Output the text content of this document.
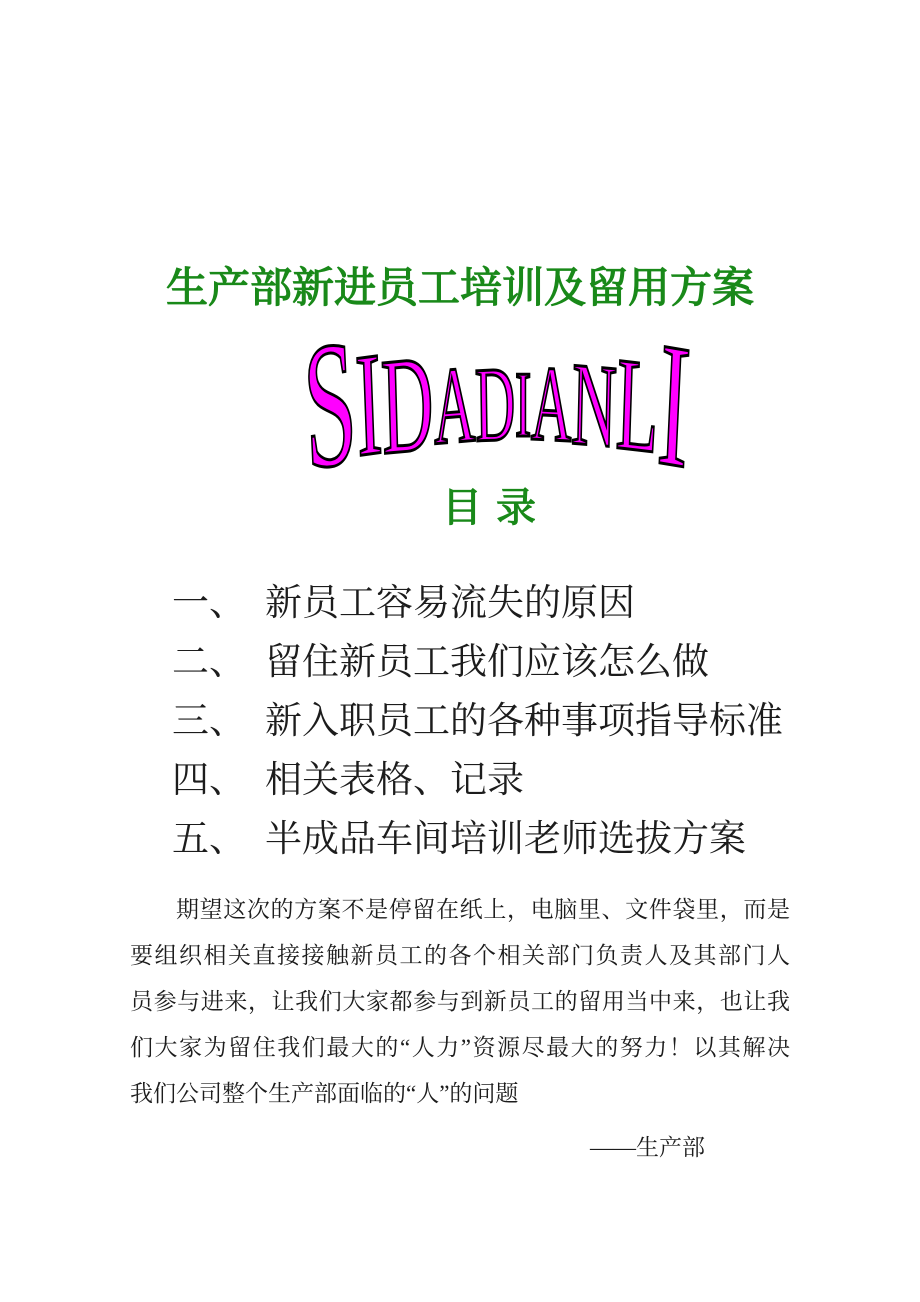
生产部新进员工培训及留用方案
S
I
D
A
D I A
N
L
I
目 录
一、 新员工容易流失的原因
二、 留住新员工我们应该怎么做
三、 新入职员工的各种事项指导标准
四、 相关表格、记录
五、 半成品车间培训老师选拔方案
期望这次的方案不是停留在纸上，电脑里、文件袋里，而是
要组织相关直接接触新员工的各个相关部门负责人及其部门人
员参与进来，让我们大家都参与到新员工的留用当中来，也让我
们大家为留住我们最大的“人力”资源尽最大的努力！以其解决
我们公司整个生产部面临的“人”的问题
——生产部
